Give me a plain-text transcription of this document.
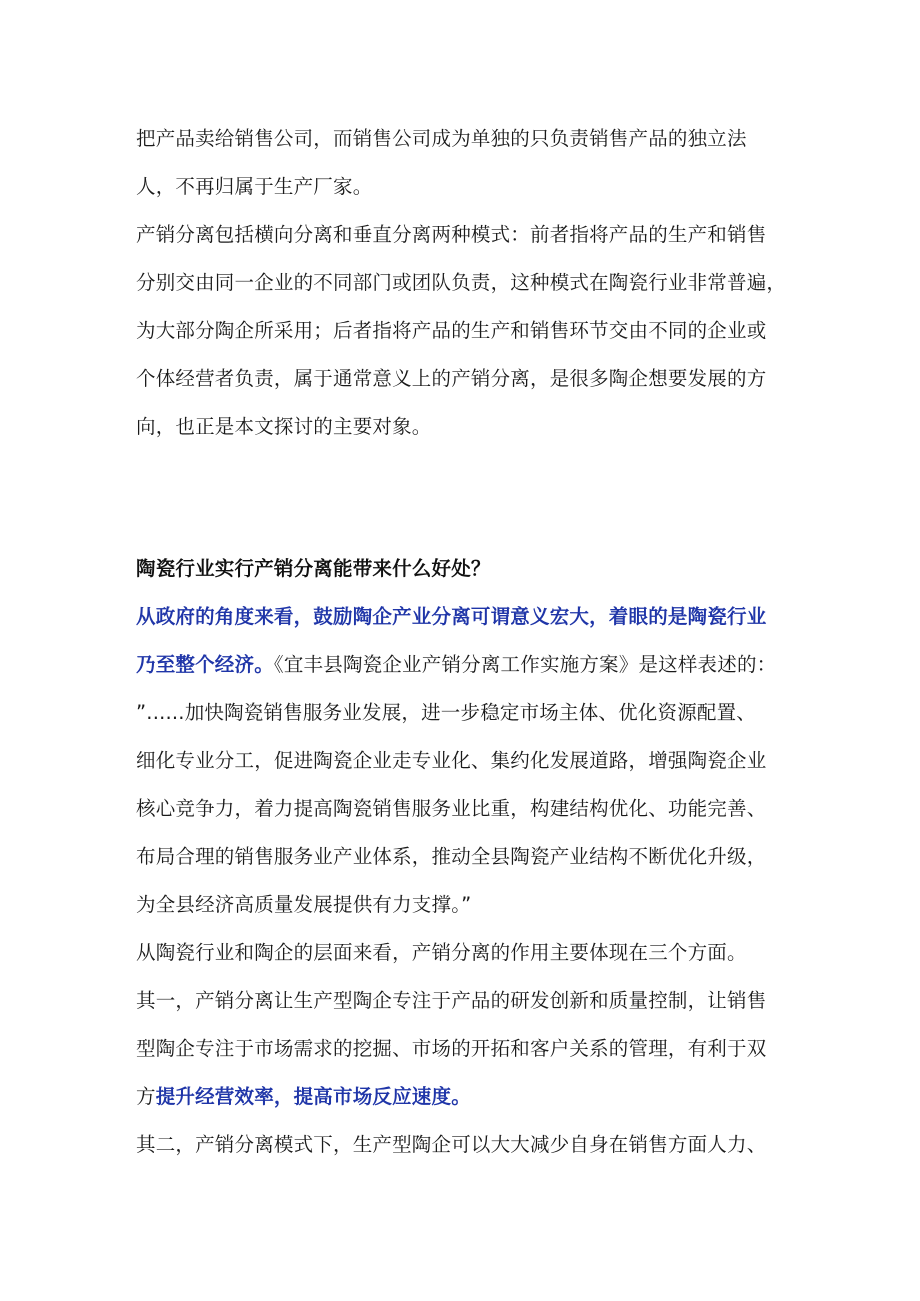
把产品卖给销售公司，而销售公司成为单独的只负责销售产品的独立法
人，不再归属于生产厂家。
产销分离包括横向分离和垂直分离两种模式：前者指将产品的生产和销售
分别交由同一企业的不同部门或团队负责，这种模式在陶瓷行业非常普遍，
为大部分陶企所采用；后者指将产品的生产和销售环节交由不同的企业或
个体经营者负责，属于通常意义上的产销分离，是很多陶企想要发展的方
向，也正是本文探讨的主要对象。
陶瓷行业实行产销分离能带来什么好处？
从政府的角度来看，鼓励陶企产业分离可谓意义宏大，着眼的是陶瓷行业
乃至整个经济。《宜丰县陶瓷企业产销分离工作实施方案》是这样表述的：
”......加快陶瓷销售服务业发展，进一步稳定市场主体、优化资源配置、
细化专业分工，促进陶瓷企业走专业化、集约化发展道路，增强陶瓷企业
核心竞争力，着力提高陶瓷销售服务业比重，构建结构优化、功能完善、
布局合理的销售服务业产业体系，推动全县陶瓷产业结构不断优化升级，
为全县经济高质量发展提供有力支撑。”
从陶瓷行业和陶企的层面来看，产销分离的作用主要体现在三个方面。
其一，产销分离让生产型陶企专注于产品的研发创新和质量控制，让销售
型陶企专注于市场需求的挖掘、市场的开拓和客户关系的管理，有利于双
方提升经营效率，提高市场反应速度。
其二，产销分离模式下，生产型陶企可以大大减少自身在销售方面人力、
